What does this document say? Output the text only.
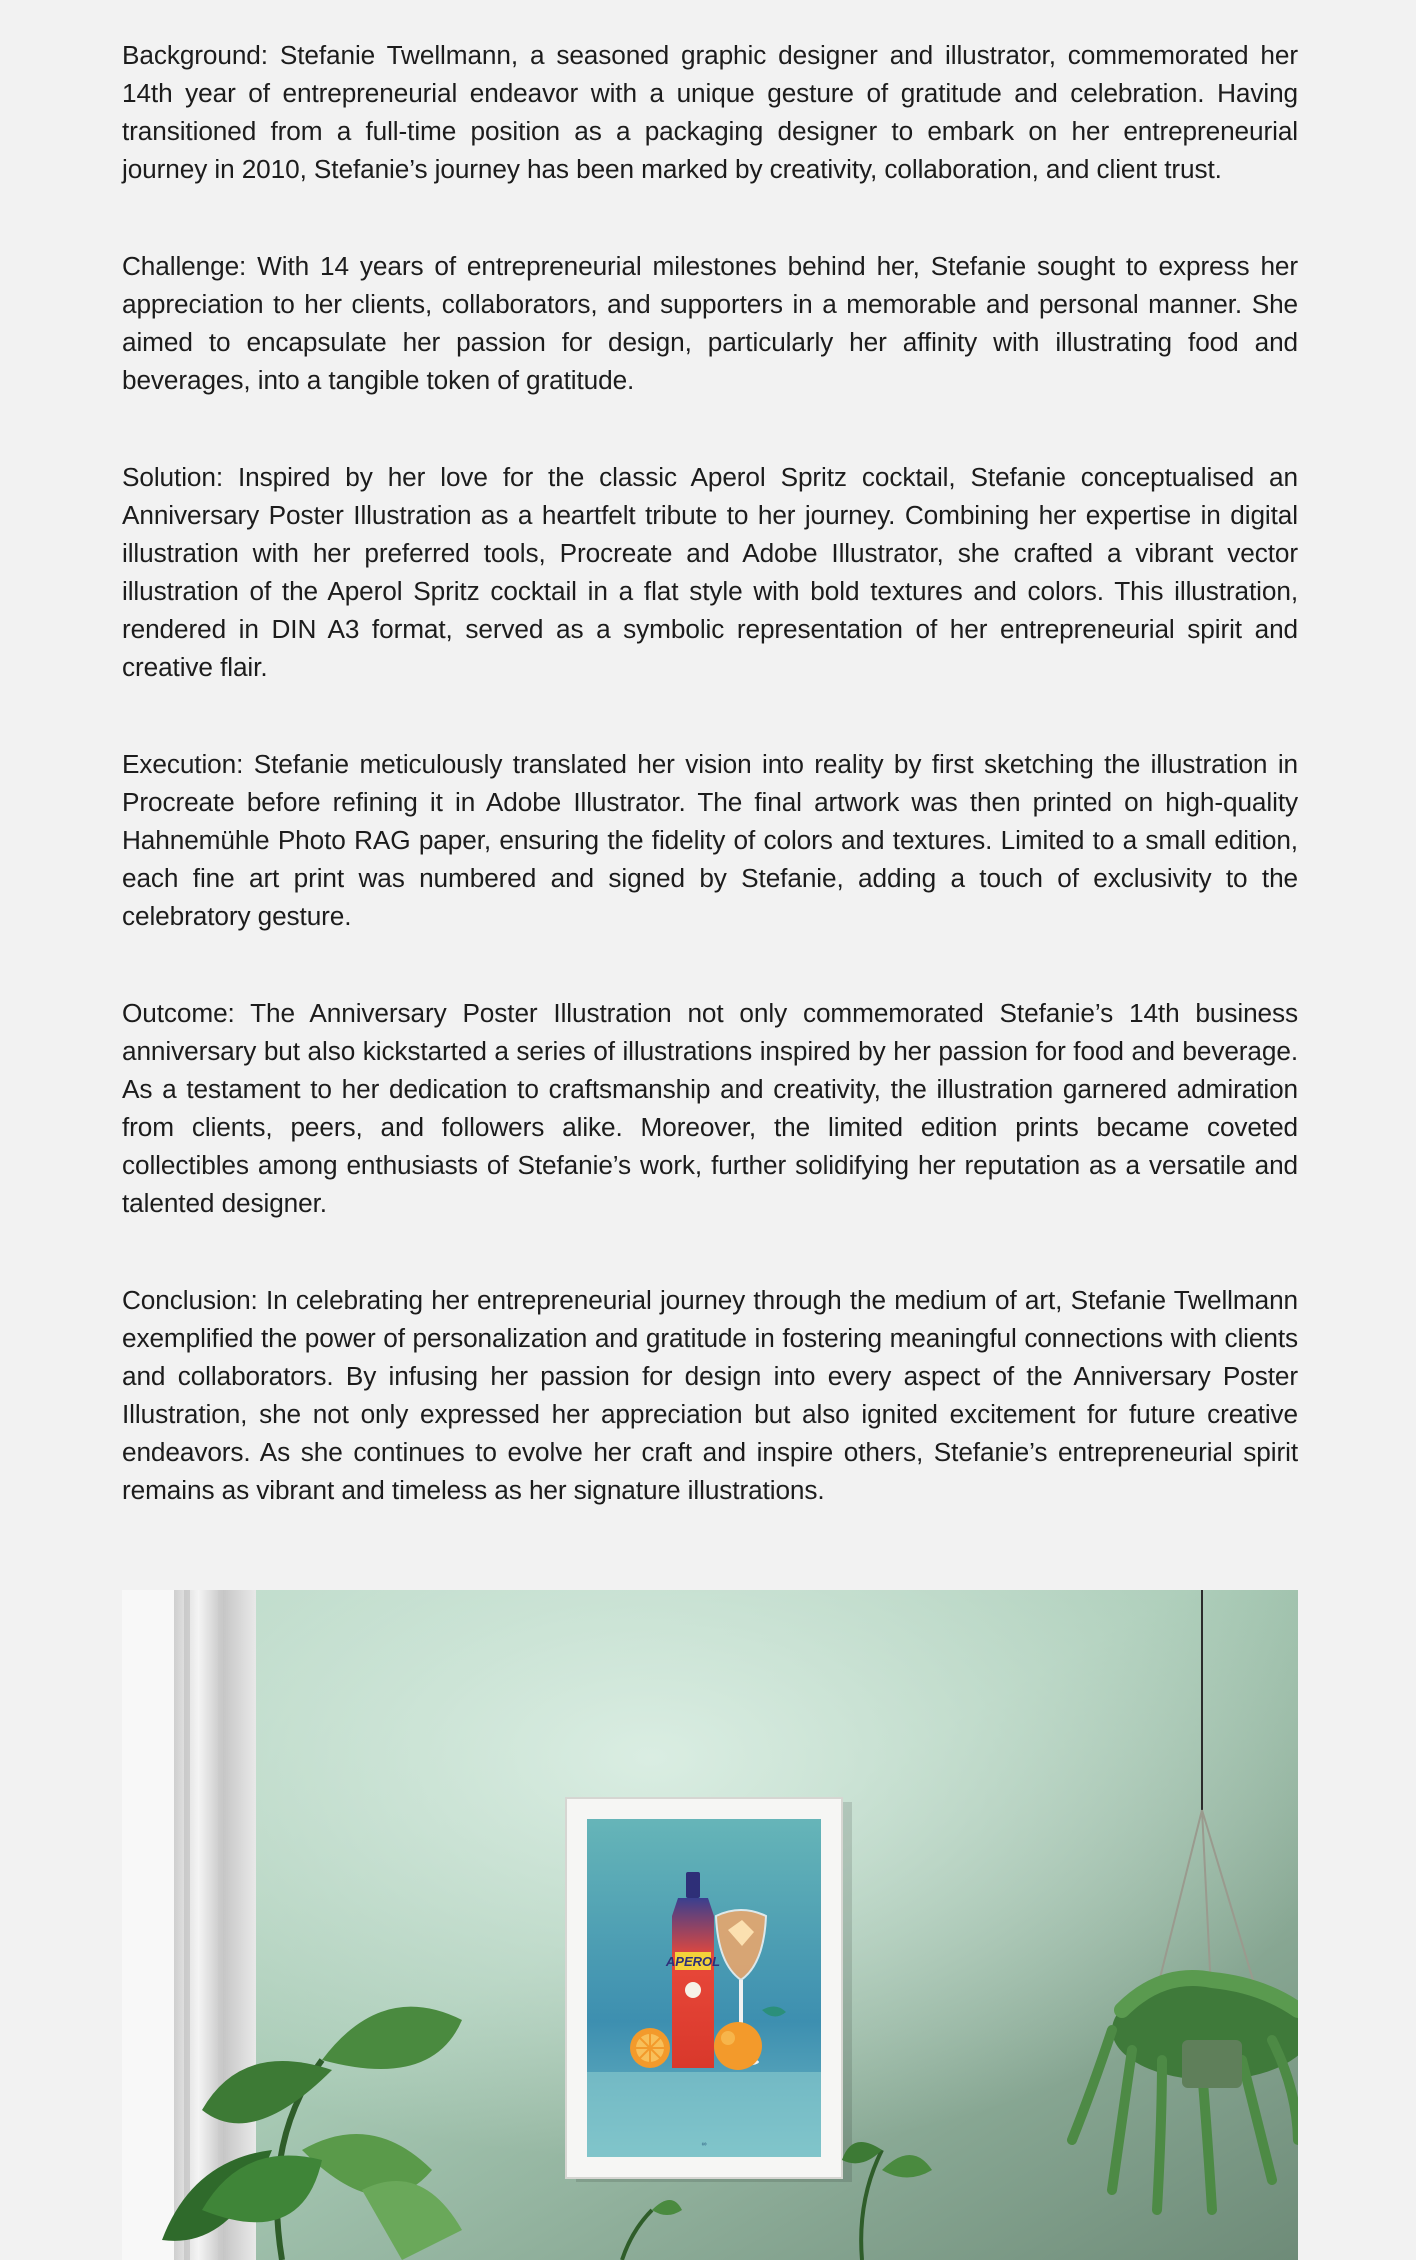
Background: Stefanie Twellmann, a seasoned graphic designer and illustrator, commemorated her 14th year of entrepreneurial endeavor with a unique gesture of gratitude and celebration. Having transitioned from a full-time position as a packaging designer to embark on her entrepreneurial journey in 2010, Stefanie’s journey has been marked by creativity, collaboration, and client trust.

Challenge: With 14 years of entrepreneurial milestones behind her, Stefanie sought to express her appreciation to her clients, collaborators, and supporters in a memorable and personal manner. She aimed to encapsulate her passion for design, particularly her affinity with illustrating food and beverages, into a tangible token of gratitude.

Solution: Inspired by her love for the classic Aperol Spritz cocktail, Stefanie conceptualised an Anniversary Poster Illustration as a heartfelt tribute to her journey. Combining her expertise in digital illustration with her preferred tools, Procreate and Adobe Illustrator, she crafted a vibrant vector illustration of the Aperol Spritz cocktail in a flat style with bold textures and colors. This illustration, rendered in DIN A3 format, served as a symbolic representation of her entrepreneurial spirit and creative flair.

Execution: Stefanie meticulously translated her vision into reality by first sketching the illustration in Procreate before refining it in Adobe Illustrator. The final artwork was then printed on high-quality Hahnemühle Photo RAG paper, ensuring the fidelity of colors and textures. Limited to a small edition, each fine art print was numbered and signed by Stefanie, adding a touch of exclusivity to the celebratory gesture.

Outcome: The Anniversary Poster Illustration not only commemorated Stefanie’s 14th business anniversary but also kickstarted a series of illustrations inspired by her passion for food and beverage. As a testament to her dedication to craftsmanship and creativity, the illustration garnered admiration from clients, peers, and followers alike. Moreover, the limited edition prints became coveted collectibles among enthusiasts of Stefanie’s work, further solidifying her reputation as a versatile and talented designer.

Conclusion: In celebrating her entrepreneurial journey through the medium of art, Stefanie Twellmann exemplified the power of personalization and gratitude in fostering meaningful connections with clients and collaborators. By infusing her passion for design into every aspect of the Anniversary Poster Illustration, she not only expressed her appreciation but also ignited excitement for future creative endeavors. As she continues to evolve her craft and inspire others, Stefanie’s entrepreneurial spirit remains as vibrant and timeless as her signature illustrations.

APEROL
∞
